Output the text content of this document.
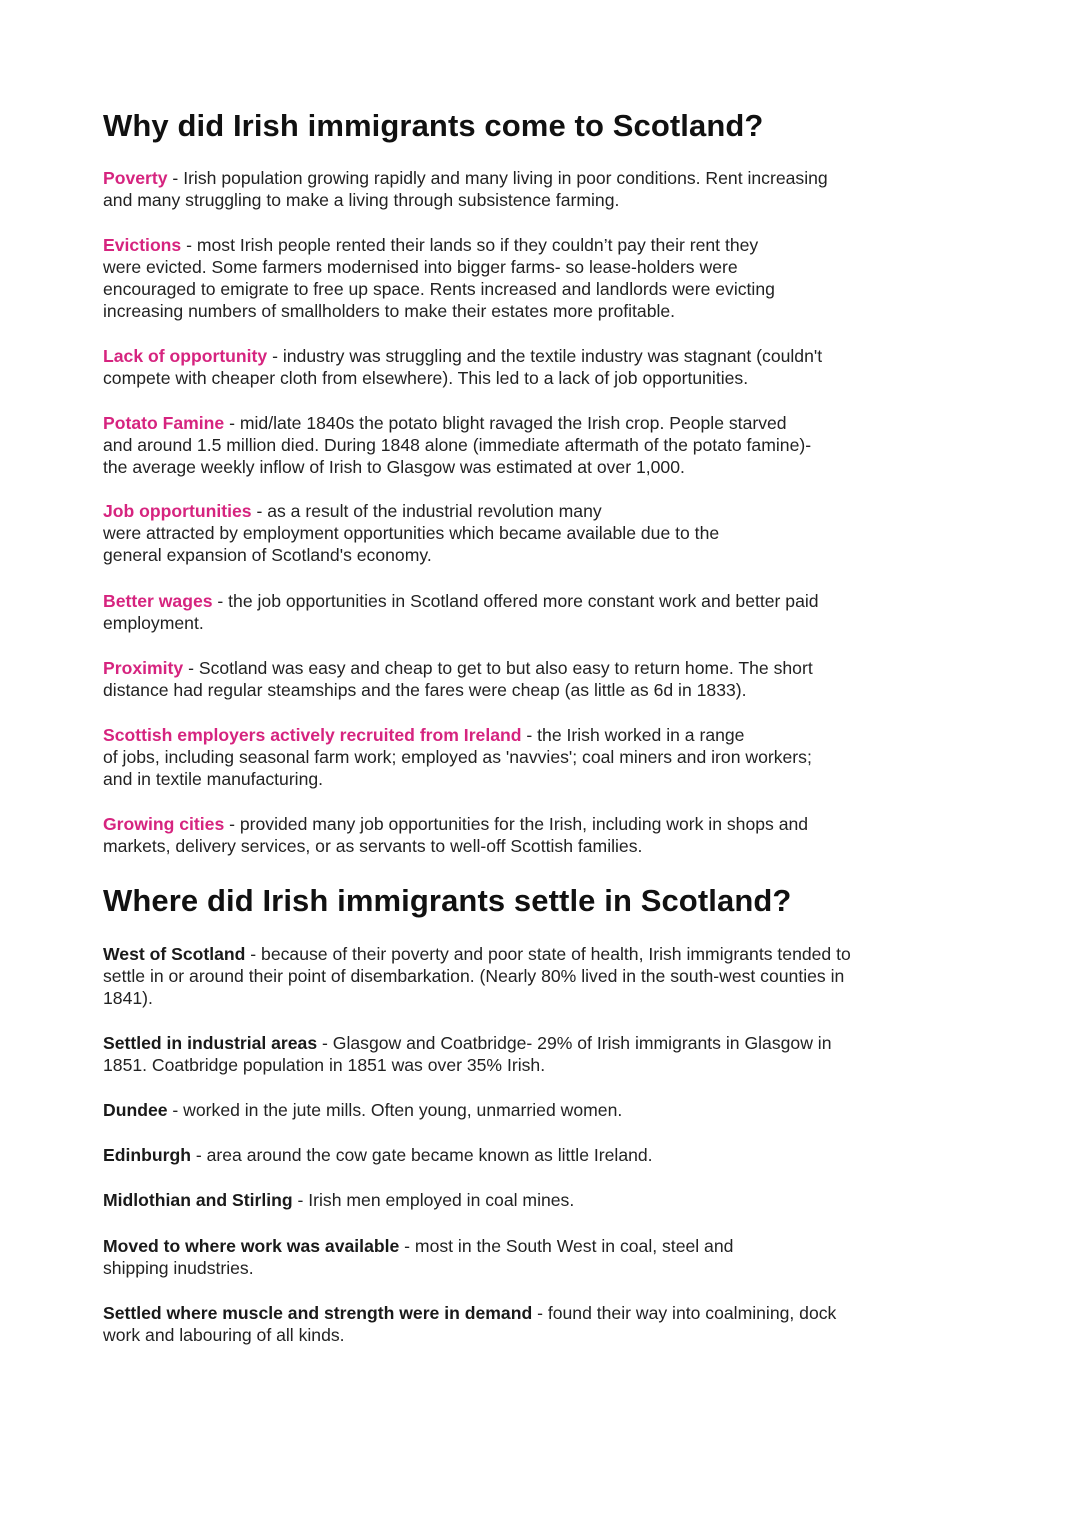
Why did Irish immigrants come to Scotland?

Poverty - Irish population growing rapidly and many living in poor conditions. Rent increasing
and many struggling to make a living through subsistence farming.

Evictions - most Irish people rented their lands so if they couldn’t pay their rent they
were evicted. Some farmers modernised into bigger farms- so lease-holders were
encouraged to emigrate to free up space. Rents increased and landlords were evicting
increasing numbers of smallholders to make their estates more profitable.

Lack of opportunity - industry was struggling and the textile industry was stagnant (couldn't
compete with cheaper cloth from elsewhere). This led to a lack of job opportunities.

Potato Famine - mid/late 1840s the potato blight ravaged the Irish crop. People starved
and around 1.5 million died. During 1848 alone (immediate aftermath of the potato famine)-
the average weekly inflow of Irish to Glasgow was estimated at over 1,000.

Job opportunities - as a result of the industrial revolution many
were attracted by employment opportunities which became available due to the
general expansion of Scotland's economy.

Better wages - the job opportunities in Scotland offered more constant work and better paid
employment.

Proximity - Scotland was easy and cheap to get to but also easy to return home. The short
distance had regular steamships and the fares were cheap (as little as 6d in 1833).

Scottish employers actively recruited from Ireland - the Irish worked in a range
of jobs, including seasonal farm work; employed as 'navvies'; coal miners and iron workers;
and in textile manufacturing.

Growing cities - provided many job opportunities for the Irish, including work in shops and
markets, delivery services, or as servants to well-off Scottish families.

Where did Irish immigrants settle in Scotland?

West of Scotland - because of their poverty and poor state of health, Irish immigrants tended to
settle in or around their point of disembarkation. (Nearly 80% lived in the south-west counties in
1841).

Settled in industrial areas - Glasgow and Coatbridge- 29% of Irish immigrants in Glasgow in
1851. Coatbridge population in 1851 was over 35% Irish.

Dundee - worked in the jute mills. Often young, unmarried women.

Edinburgh - area around the cow gate became known as little Ireland.

Midlothian and Stirling - Irish men employed in coal mines.

Moved to where work was available - most in the South West in coal, steel and
shipping inudstries.

Settled where muscle and strength were in demand - found their way into coalmining, dock
work and labouring of all kinds.
